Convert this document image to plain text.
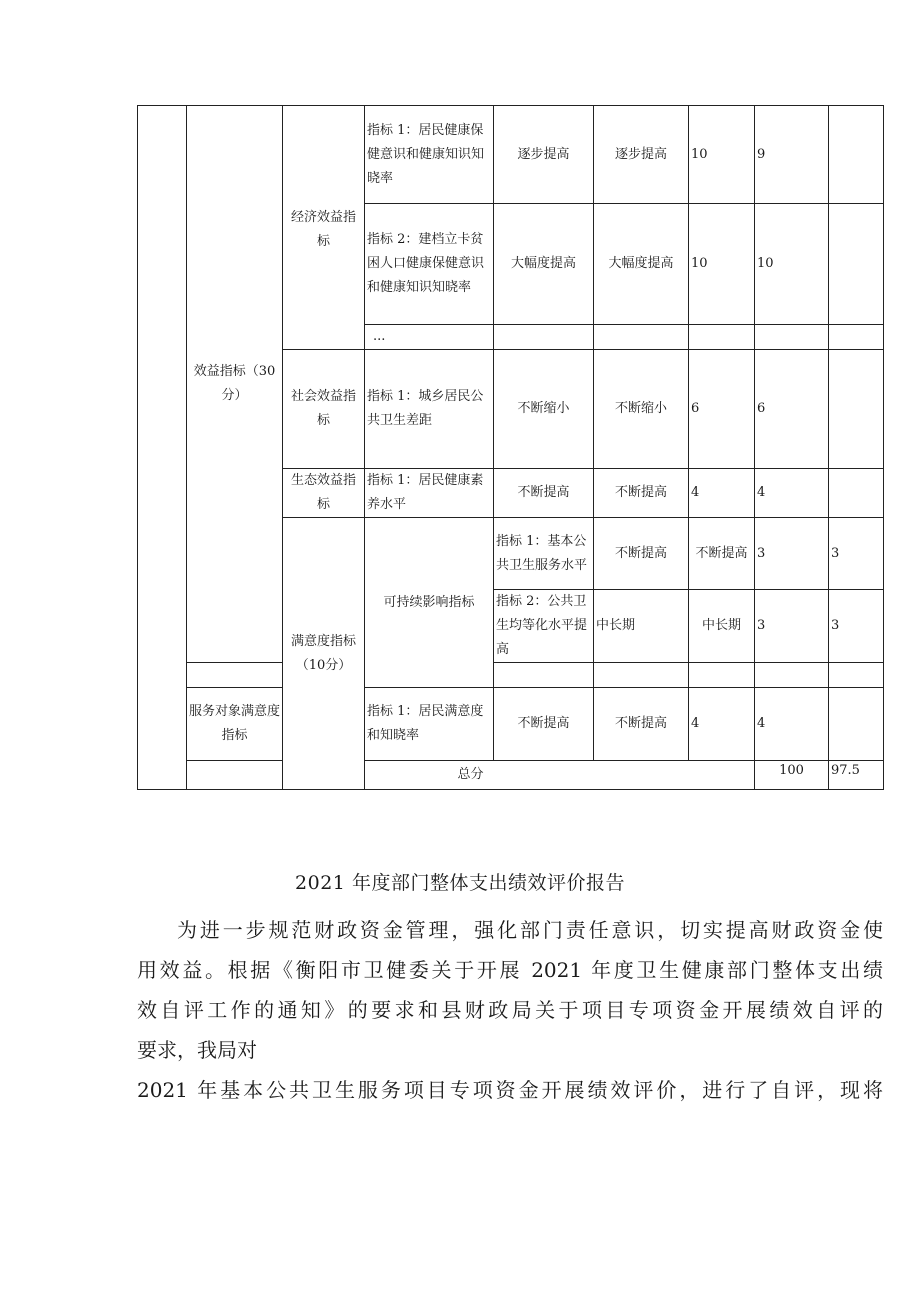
	效益指标（30分）	经济效益指标	指标 1：居民健康保健意识和健康知识知晓率	逐步提高	逐步提高	10	9		
			指标 2：建档立卡贫困人口健康保健意识和健康知识知晓率	大幅度提高	大幅度提高	10	10		
			...						
		社会效益指标	指标 1：城乡居民公共卫生差距	不断缩小	不断缩小	6	6		
		生态效益指标	指标 1：居民健康素养水平	不断提高	不断提高	4	4		
		满意度指标（10分）	可持续影响指标	指标 1：基本公共卫生服务水平	不断提高	不断提高	3	3	
				指标 2：公共卫生均等化水平提高	中长期	中长期	3	3	

	服务对象满意度指标		指标 1：居民满意度和知晓率	不断提高	不断提高	4	4		
	总分						100	97.5	
2021 年度部门整体支出绩效评价报告
为进一步规范财政资金管理，强化部门责任意识，切实提高财政资金使
用效益。根据《衡阳市卫健委关于开展 2021 年度卫生健康部门整体支出绩
效自评工作的通知》的要求和县财政局关于项目专项资金开展绩效自评的
要求，我局对
2021 年基本公共卫生服务项目专项资金开展绩效评价，进行了自评，现将
